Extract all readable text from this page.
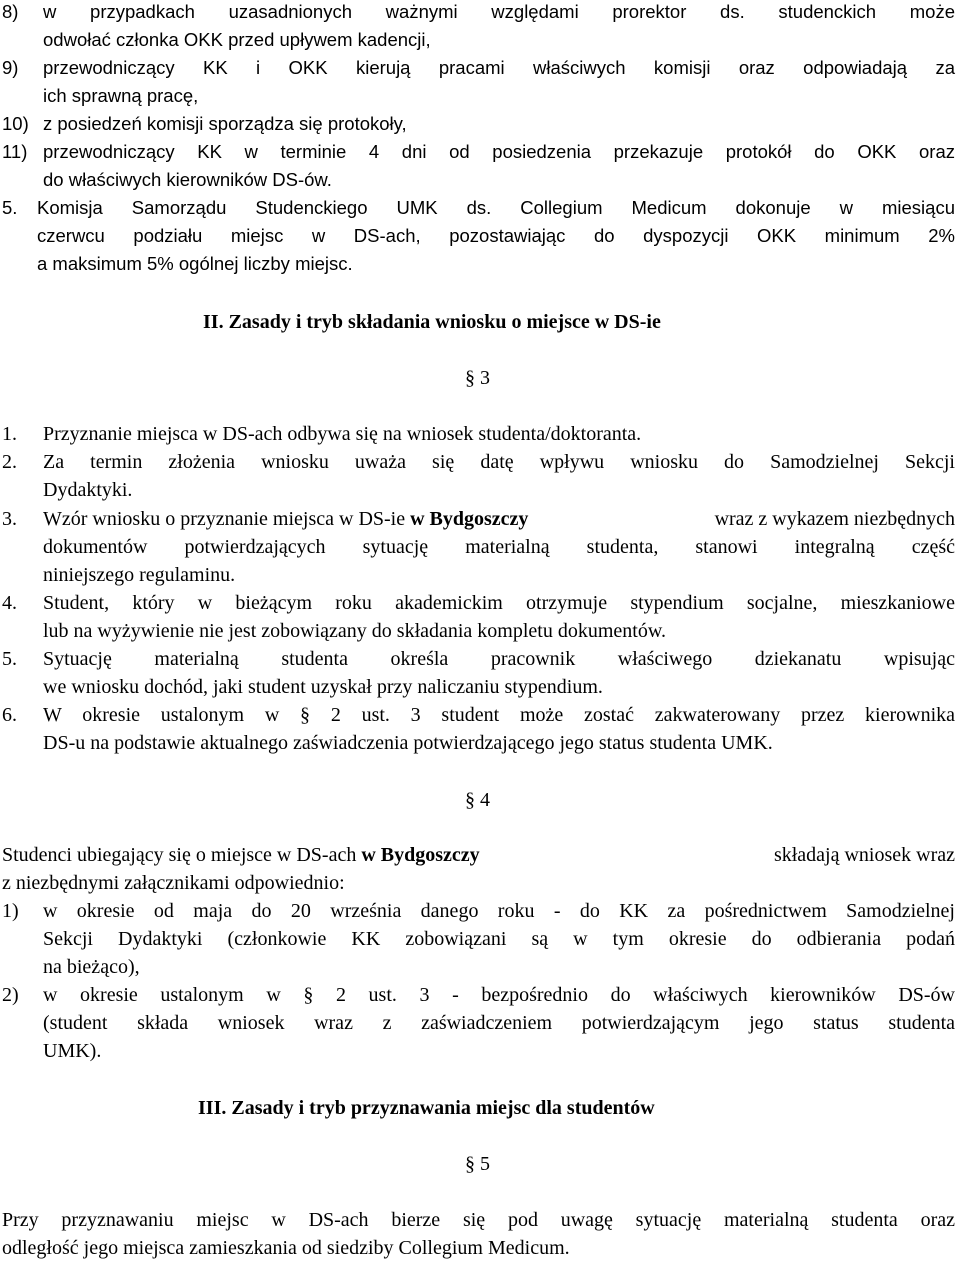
8) w przypadkach uzasadnionych ważnymi względami prorektor ds. studenckich może
odwołać członka OKK przed upływem kadencji,
9) przewodniczący KK i OKK kierują pracami właściwych komisji oraz odpowiadają za
ich sprawną pracę,
10) z posiedzeń komisji sporządza się protokoły,
11) przewodniczący KK w terminie 4 dni od posiedzenia przekazuje protokół do OKK oraz
do właściwych kierowników DS-ów.
5. Komisja Samorządu Studenckiego UMK ds. Collegium Medicum dokonuje w miesiącu
czerwcu podziału miejsc w DS-ach, pozostawiając do dyspozycji OKK minimum 2%
a maksimum 5% ogólnej liczby miejsc.
II. Zasady i tryb składania wniosku o miejsce w DS-ie
§ 3
1. Przyznanie miejsca w DS-ach odbywa się na wniosek studenta/doktoranta.
2. Za termin złożenia wniosku uważa się datę wpływu wniosku do Samodzielnej Sekcji
Dydaktyki.
3. Wzór wniosku o przyznanie miejsca w DS-ie w Bydgoszczy	wraz z wykazem niezbędnych
dokumentów potwierdzających sytuację materialną studenta, stanowi integralną część
niniejszego regulaminu.
4. Student, który w bieżącym roku akademickim otrzymuje stypendium socjalne, mieszkaniowe
lub na wyżywienie nie jest zobowiązany do składania kompletu dokumentów.
5. Sytuację materialną studenta określa pracownik właściwego dziekanatu wpisując
we wniosku dochód, jaki student uzyskał przy naliczaniu stypendium.
6. W okresie ustalonym w § 2 ust. 3 student może zostać zakwaterowany przez kierownika
DS-u na podstawie aktualnego zaświadczenia potwierdzającego jego status studenta UMK.
§ 4
Studenci ubiegający się o miejsce w DS-ach w Bydgoszczy	składają wniosek wraz
z niezbędnymi załącznikami odpowiednio:
1) w okresie od maja do 20 września danego roku - do KK za pośrednictwem Samodzielnej
Sekcji Dydaktyki (członkowie KK zobowiązani są w tym okresie do odbierania podań
na bieżąco),
2) w okresie ustalonym w § 2 ust. 3 - bezpośrednio do właściwych kierowników DS-ów
(student składa wniosek wraz z zaświadczeniem potwierdzającym jego status studenta
UMK).
III. Zasady i tryb przyznawania miejsc dla studentów
§ 5
Przy przyznawaniu miejsc w DS-ach bierze się pod uwagę sytuację materialną studenta oraz
odległość jego miejsca zamieszkania od siedziby Collegium Medicum.
